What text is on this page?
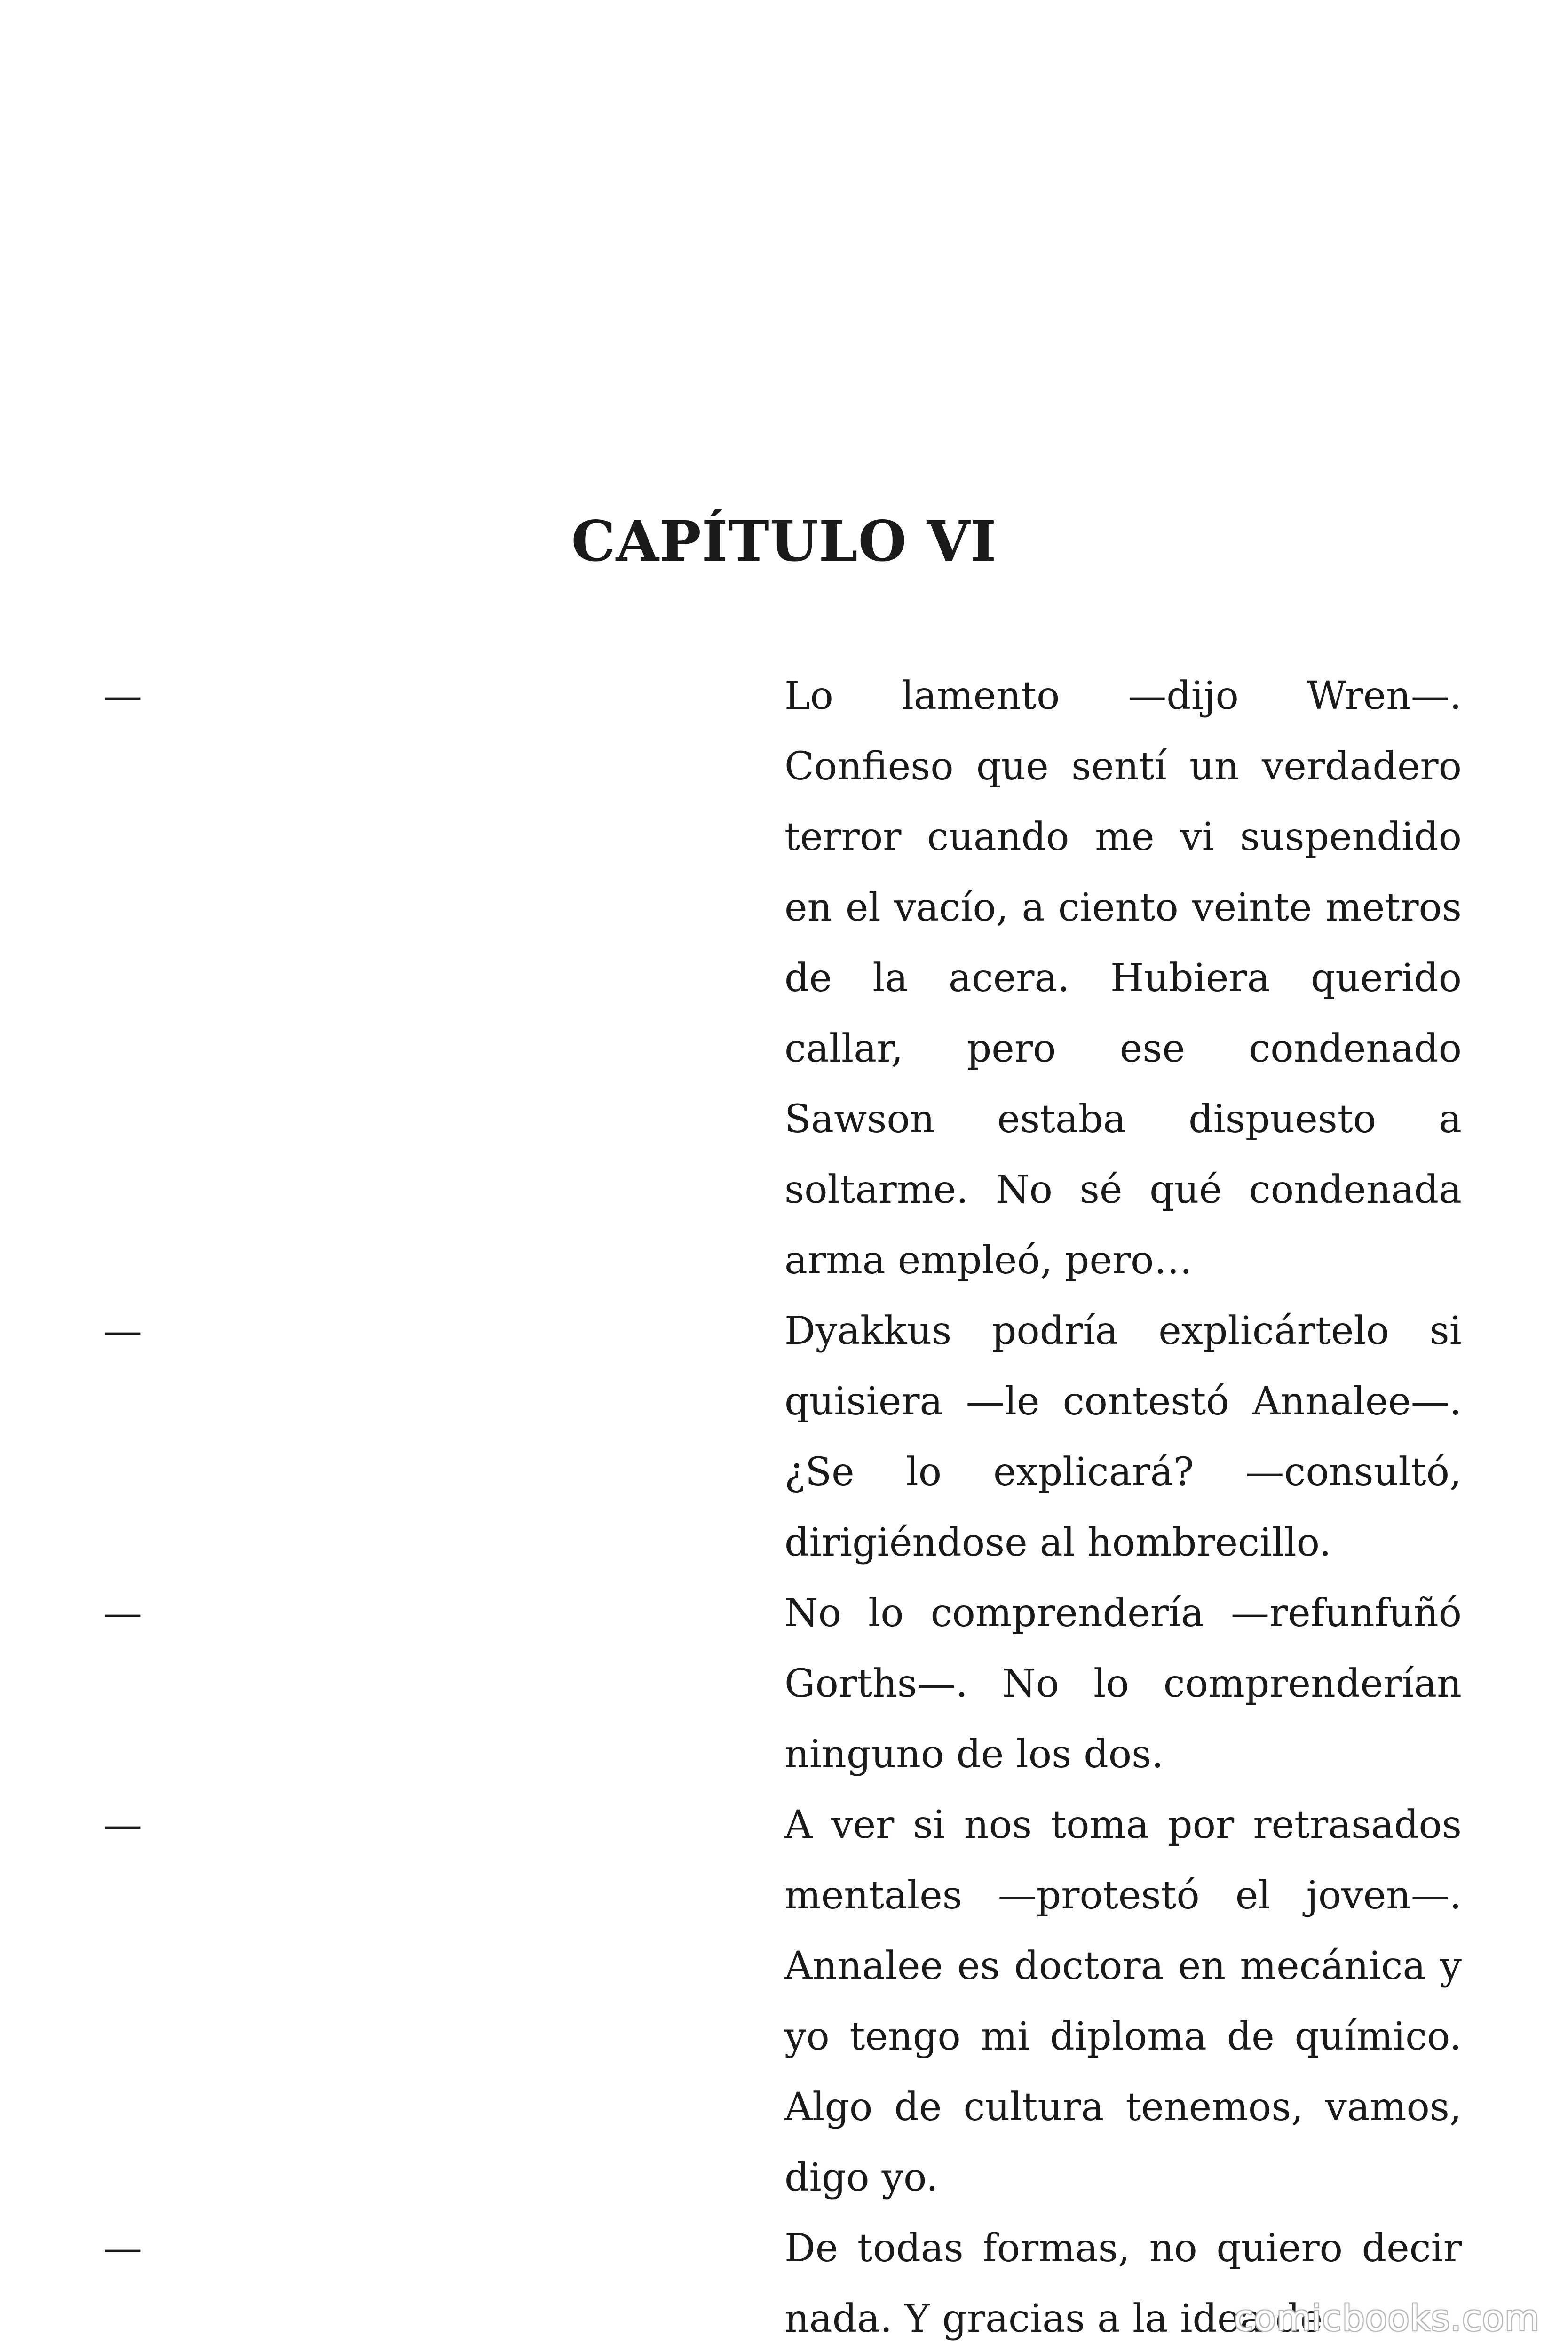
CAPÍTULO VI
—	Lo lamento —dijo Wren—. Confieso que sentí un verdadero terror cuando me vi suspendido en el vacío, a ciento veinte metros de la acera. Hubiera querido callar, pero ese condenado Sawson estaba dispuesto a soltarme. No sé qué condenada arma empleó, pero…
—	Dyakkus podría explicártelo si quisiera —le contestó Annalee—. ¿Se lo explicará? —consultó, dirigiéndose al hombrecillo.
—	No lo comprendería —refunfuñó Gorths—. No lo comprenderían ninguno de los dos.
—	A ver si nos toma por retrasados mentales —protestó el joven—. Annalee es doctora en mecánica y yo tengo mi diploma de químico. Algo de cultura tenemos, vamos, digo yo.
—	De todas formas, no quiero decir nada. Y gracias a la idea de
comicbooks.com
